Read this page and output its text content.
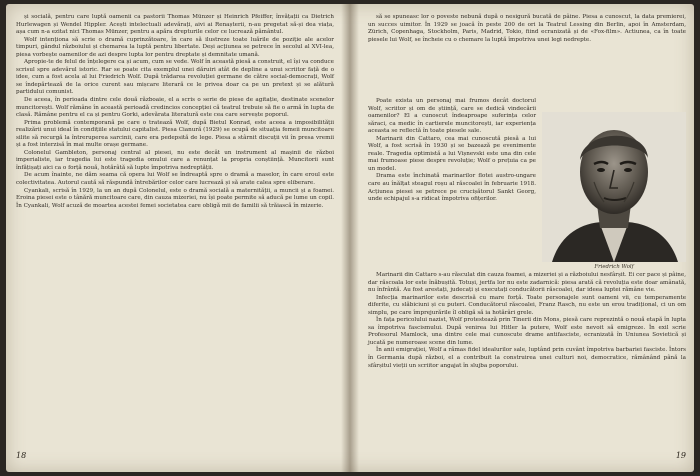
și socială, pentru care luptă oamenii ca pastorii Thomas Münzer și Heinrich Pfeiffer, învățații ca Dietrich Hurlewagen și Wendel Hippler. Acești intelectuali adevărați, aivi ai Renașterii, n-au pregetat să-și dea viața, așa cum n-a ezitat nici Thomas Münzer, pentru a apăra drepturile celor ce lucrează pământul.

Wolf intenționa să scrie o dramă cuprinzătoare, în care să ilustreze toate luările de poziție ale acelor timpuri, gândul războiului și chemarea la luptă pentru libertate. Deși acțiunea se petrece în secolul al XVI-lea, piesa vorbește oamenilor de azi despre lupta lor pentru dreptate și demnitate umană.

Apropie-te de felul de înțelegere ca și acum, cum se vede. Wolf în această piesă a construit, el își va conduce scrisul spre adevărul istoric. Rar se poate cita exemplul unei dăruiri atât de depline a unui scriitor față de o idee, cum a fost acela al lui Friedrich Wolf. După trădarea revoluției germane de către social-democrați, Wolf se îndepărtează de la orice curent sau mișcare literară ce le privea doar ca pe un pretext și se alătură partidului comunist.

De aceea, în perioada dintre cele două războaie, el a scris o serie de piese de agitație, destinate scenelor muncitorești. Wolf rămâne în această perioadă credincios concepției că teatrul trebuie să fie o armă în lupta de clasă. Rămâne pentru el ca și pentru Gorki, adevărata literatură este cea care servește poporul.

Prima problemă contemporană pe care o tratează Wolf, după Bietul Konrad, este aceea a imposibilității realizării unui ideal în condițiile statului capitalist. Piesa Cianură (1929) se ocupă de situația femeii muncitoare silite să recurgă la întreruperea sarcinii, care era pedepsită de lege. Piesa a stârnit discuții vii în presa vremii și a fost interzisă în mai multe orașe germane.

Colonelul Gambleton, personaj central al piesei, nu este decât un instrument al mașinii de război imperialiste, iar tragedia lui este tragedia omului care a renunțat la propria conștiință. Muncitorii sunt înfățișați aici ca o forță nouă, hotărâtă să lupte împotriva nedreptății.

De acum înainte, ne dăm seama că opera lui Wolf se îndreaptă spre o dramă a maselor, în care eroul este colectivitatea. Autorul caută să răspundă întrebărilor celor care lucrează și să arate calea spre eliberare.

Cyankali, scrisă în 1929, la un an după Colonelul, este o dramă socială a maternității, a muncii și a foamei. Eroina piesei este o tânără muncitoare care, din cauza mizeriei, nu își poate permite să aducă pe lume un copil. În Cyankali, Wolf acuză de moartea acestei femei societatea care obligă mii de familii să trăiască în mizerie.

18

să se spuneasc lor o poveste nebună după o nesigură bucată de pâine. Piesa a cunoscut, la data premierei, un succes uimitor. În 1929 se joacă în peste 200 de ori la Teatrul Lessing din Berlin, apoi în Amsterdam, Zürich, Copenhaga, Stockholm, Paris, Madrid, Tokio, fiind ecranizată și de «Fox-film». Actiunea, ca în toate piesele lui Wolf, se încheie cu o chemare la luptă împotriva unei legi nedrepte.

Poate exista un personaj mai frumos decât doctorul Wolf, scriitor și om de știință, care se dedică vindecării oamenilor? El a cunoscut îndeaproape suferința celor săraci, ca medic în cartierele muncitorești, iar experiența aceasta se reflectă în toate piesele sale.

Marinarii din Cattaro, cea mai cunoscută piesă a lui Wolf, a fost scrisă în 1930 și se bazează pe evenimente reale. Tragedia optimistă a lui Vișnevski este una din cele mai frumoase piese despre revoluție; Wolf o prețuia ca pe un model.

Drama este închinată marinarilor flotei austro-ungare care au înălțat steagul roșu al răscoalei în februarie 1918. Acțiunea piesei se petrece pe crucișătorul Sankt Georg, unde echipajul s-a ridicat împotriva ofițerilor.

Friedrich Wolf

Marinarii din Cattaro s-au răsculat din cauza foamei, a mizeriei și a războiului nesfârșit. Ei cer pace și pâine, dar răscoala lor este înăbușită. Totuși, jertfa lor nu este zadarnică: piesa arată că revoluția este doar amânată, nu înfrântă. Au fost arestați, judecați și executați conducătorii răscoalei, dar ideea luptei rămâne vie.

Infecția marinarilor este descrisă cu mare forță. Toate personajele sunt oameni vii, cu temperamente diferite, cu slăbiciuni și cu puteri. Conducătorul răscoalei, Franz Rasch, nu este un erou tradițional, ci un om simplu, pe care împrejurările îl obligă să ia hotărâri grele.

În fața pericolului nazist, Wolf protestează prin Tinerii din Mons, piesă care reprezintă o nouă etapă în lupta sa împotriva fascismului. După venirea lui Hitler la putere, Wolf este nevoit să emigreze. În exil scrie Profesorul Mamlock, una dintre cele mai cunoscute drame antifasciste, ecranizată în Uniunea Sovietică și jucată pe numeroase scene din lume.

În anii emigrației, Wolf a rămas fidel idealurilor sale, luptând prin cuvânt împotriva barbariei fasciste. Întors în Germania după război, el a contribuit la construirea unei culturi noi, democratice, rămânând până la sfârșitul vieții un scriitor angajat în slujba poporului.

19
